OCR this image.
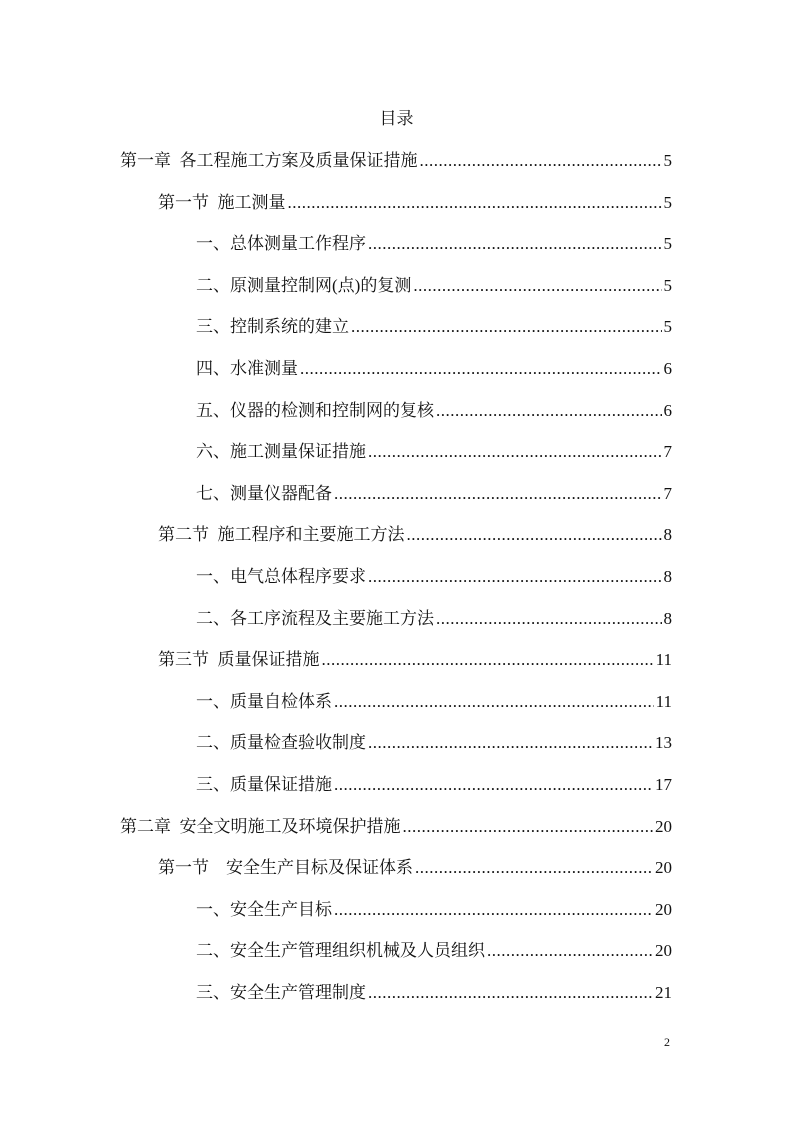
目录
第一章  各工程施工方案及质量保证措施 .....	5
第一节  施工测量 .....	5
一、总体测量工作程序 .....	5
二、原测量控制网(点)的复测 .....	5
三、控制系统的建立 .....	5
四、水准测量 .....	6
五、仪器的检测和控制网的复核 .....	6
六、施工测量保证措施 .....	7
七、测量仪器配备 .....	7
第二节  施工程序和主要施工方法 .....	8
一、电气总体程序要求 .....	8
二、各工序流程及主要施工方法 .....	8
第三节  质量保证措施 .....	11
一、质量自检体系 .....	11
二、质量检查验收制度 .....	13
三、质量保证措施 .....	17
第二章  安全文明施工及环境保护措施 .....	20
第一节    安全生产目标及保证体系 .....	20
一、安全生产目标 .....	20
二、安全生产管理组织机械及人员组织 .....	20
三、安全生产管理制度 .....	21
2
